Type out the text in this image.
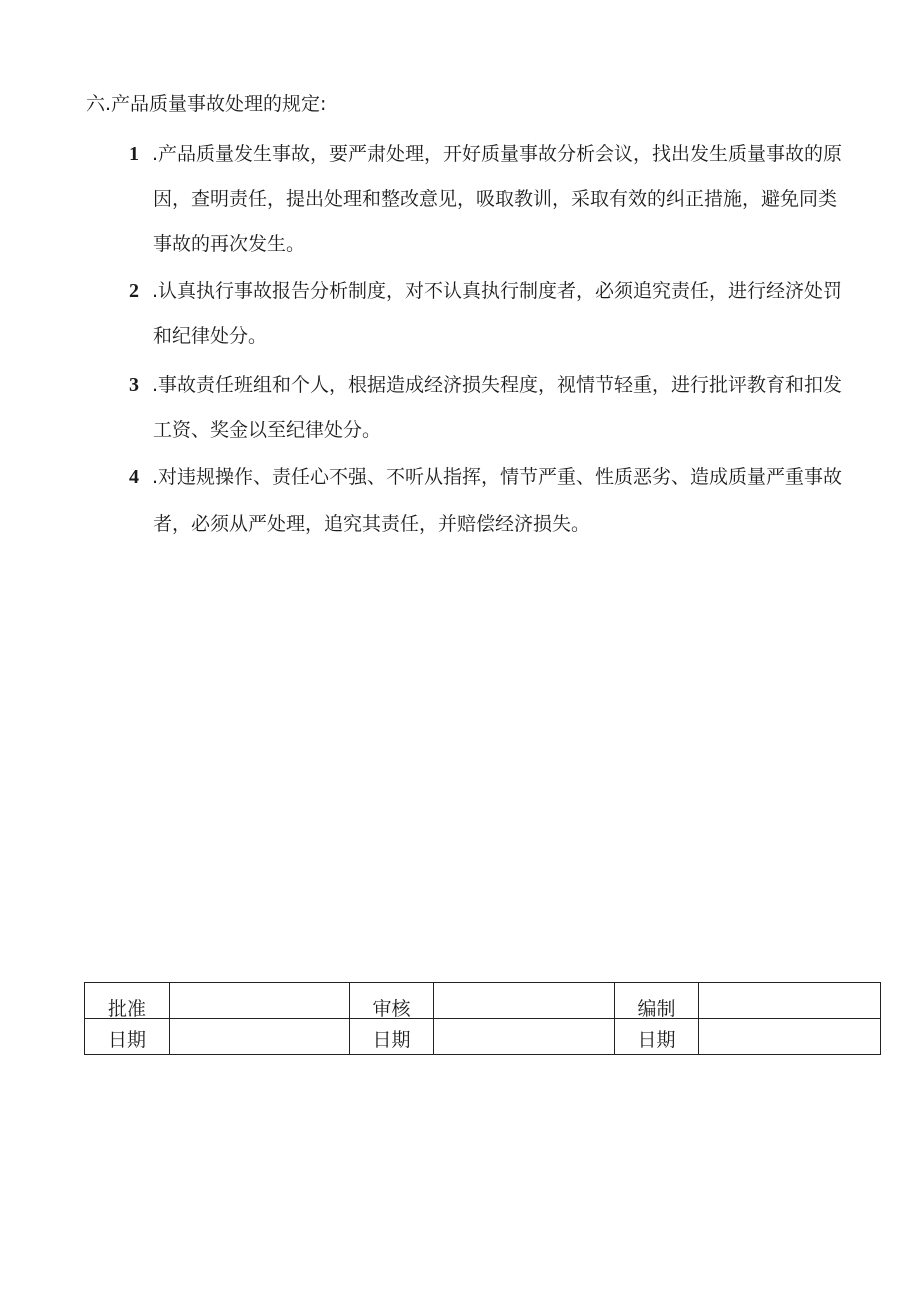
六.产品质量事故处理的规定:
1 .产品质量发生事故，要严肃处理，开好质量事故分析会议，找出发生质量事故的原
因，查明责任，提出处理和整改意见，吸取教训，采取有效的纠正措施，避免同类
事故的再次发生。
2 .认真执行事故报告分析制度，对不认真执行制度者，必须追究责任，进行经济处罚
和纪律处分。
3 .事故责任班组和个人，根据造成经济损失程度，视情节轻重，进行批评教育和扣发
工资、奖金以至纪律处分。
4 .对违规操作、责任心不强、不听从指挥，情节严重、性质恶劣、造成质量严重事故
者，必须从严处理，追究其责任，并赔偿经济损失。
批准		审核		编制	
日期		日期		日期	
